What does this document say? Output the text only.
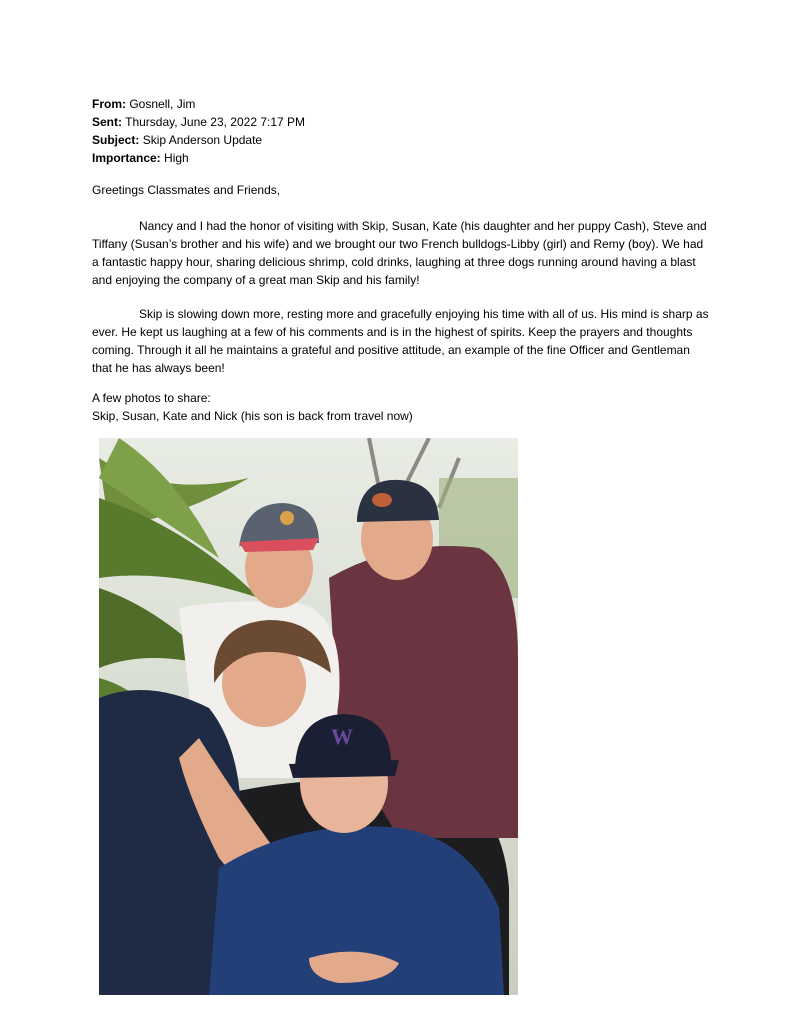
From: Gosnell, Jim
Sent: Thursday, June 23, 2022 7:17 PM
Subject: Skip Anderson Update
Importance: High
Greetings Classmates and Friends,
Nancy and I had the honor of visiting with Skip, Susan, Kate (his daughter and her puppy Cash), Steve and Tiffany (Susan’s brother and his wife) and we brought our two French bulldogs-Libby (girl) and Remy (boy). We had a fantastic happy hour, sharing delicious shrimp, cold drinks, laughing at three dogs running around having a blast and enjoying the company of a great man Skip and his family!
Skip is slowing down more, resting more and gracefully enjoying his time with all of us. His mind is sharp as ever. He kept us laughing at a few of his comments and is in the highest of spirits. Keep the prayers and thoughts coming. Through it all he maintains a grateful and positive attitude, an example of the fine Officer and Gentleman that he has always been!
A few photos to share:
Skip, Susan, Kate and Nick (his son is back from travel now)
W
